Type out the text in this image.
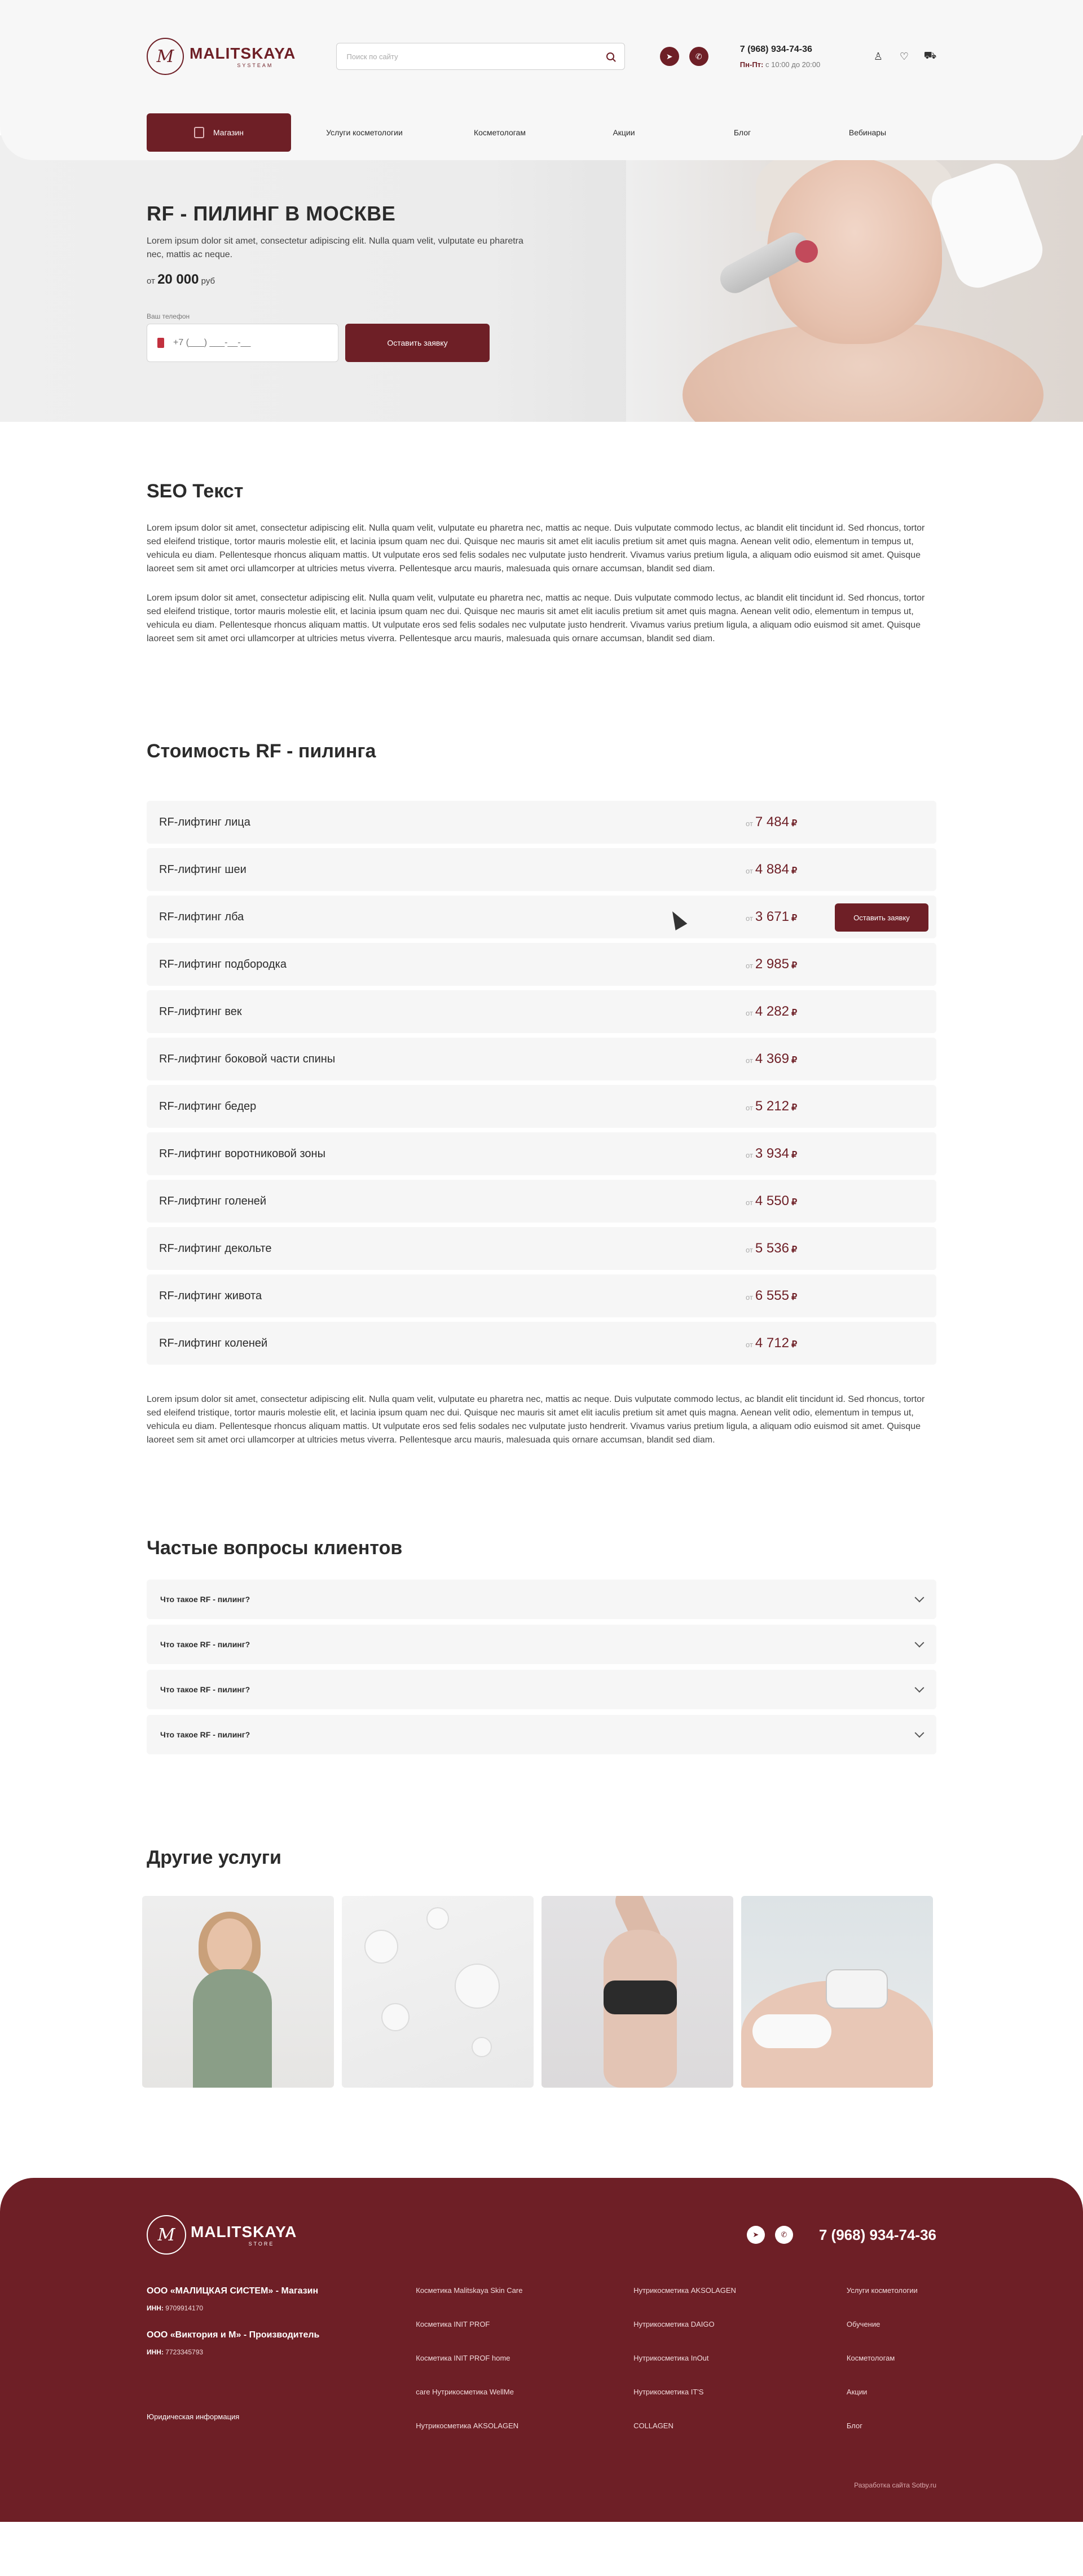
M MALITSKAYA
SYSTEAM
Поиск по сайту
➤	✆
7 (968) 934-74-36
Пн-Пт: с 10:00 до 20:00
♙ ♡ ⛟
Магазин	Услуги косметологии	Косметологам	Акции	Блог	Вебинары
RF - ПИЛИНГ В МОСКВЕ

Lorem ipsum dolor sit amet, consectetur adipiscing elit. Nulla quam velit, vulputate eu pharetra nec, mattis ac neque.

от 20 000 руб
Ваш телефон
+7 (___) ___-__-__
Оставить заявку
SEO Текст

Lorem ipsum dolor sit amet, consectetur adipiscing elit. Nulla quam velit, vulputate eu pharetra nec, mattis ac neque. Duis vulputate commodo lectus, ac blandit elit tincidunt id. Sed rhoncus, tortor sed eleifend tristique, tortor mauris molestie elit, et lacinia ipsum quam nec dui. Quisque nec mauris sit amet elit iaculis pretium sit amet quis magna. Aenean velit odio, elementum in tempus ut, vehicula eu diam. Pellentesque rhoncus aliquam mattis. Ut vulputate eros sed felis sodales nec vulputate justo hendrerit. Vivamus varius pretium ligula, a aliquam odio euismod sit amet. Quisque laoreet sem sit amet orci ullamcorper at ultricies metus viverra. Pellentesque arcu mauris, malesuada quis ornare accumsan, blandit sed diam.

Lorem ipsum dolor sit amet, consectetur adipiscing elit. Nulla quam velit, vulputate eu pharetra nec, mattis ac neque. Duis vulputate commodo lectus, ac blandit elit tincidunt id. Sed rhoncus, tortor sed eleifend tristique, tortor mauris molestie elit, et lacinia ipsum quam nec dui. Quisque nec mauris sit amet elit iaculis pretium sit amet quis magna. Aenean velit odio, elementum in tempus ut, vehicula eu diam. Pellentesque rhoncus aliquam mattis. Ut vulputate eros sed felis sodales nec vulputate justo hendrerit. Vivamus varius pretium ligula, a aliquam odio euismod sit amet. Quisque laoreet sem sit amet orci ullamcorper at ultricies metus viverra. Pellentesque arcu mauris, malesuada quis ornare accumsan, blandit sed diam.

Стоимость RF - пилинга
RF-лифтинг лица	от 7 484 ₽
RF-лифтинг шеи	от 4 884 ₽
RF-лифтинг лба	от 3 671 ₽	Оставить заявку
RF-лифтинг подбородка	от 2 985 ₽
RF-лифтинг век	от 4 282 ₽
RF-лифтинг боковой части спины	от 4 369 ₽
RF-лифтинг бедер	от 5 212 ₽
RF-лифтинг воротниковой зоны	от 3 934 ₽
RF-лифтинг голеней	от 4 550 ₽
RF-лифтинг декольте	от 5 536 ₽
RF-лифтинг живота	от 6 555 ₽
RF-лифтинг коленей	от 4 712 ₽

Lorem ipsum dolor sit amet, consectetur adipiscing elit. Nulla quam velit, vulputate eu pharetra nec, mattis ac neque. Duis vulputate commodo lectus, ac blandit elit tincidunt id. Sed rhoncus, tortor sed eleifend tristique, tortor mauris molestie elit, et lacinia ipsum quam nec dui. Quisque nec mauris sit amet elit iaculis pretium sit amet quis magna. Aenean velit odio, elementum in tempus ut, vehicula eu diam. Pellentesque rhoncus aliquam mattis. Ut vulputate eros sed felis sodales nec vulputate justo hendrerit. Vivamus varius pretium ligula, a aliquam odio euismod sit amet. Quisque laoreet sem sit amet orci ullamcorper at ultricies metus viverra. Pellentesque arcu mauris, malesuada quis ornare accumsan, blandit sed diam.

Частые вопросы клиентов
Что такое RF - пилинг?
Что такое RF - пилинг?
Что такое RF - пилинг?
Что такое RF - пилинг?
Другие услуги
M MALITSKAYA
STORE
➤	✆	7 (968) 934-74-36
ООО «МАЛИЦКАЯ СИСТЕМ» - Магазин
ИНН: 9709914170
ООО «Виктория и М» - Производитель
ИНН: 7723345793
Юридическая информация
Косметика Malitskaya Skin Care
Косметика INIT PROF
Косметика INIT PROF home
care Нутрикосметика WellMe
Нутрикосметика AKSOLAGEN
Нутрикосметика AKSOLAGEN
Нутрикосметика DAIGO
Нутрикосметика InOut
Нутрикосметика IT'S
COLLAGEN
Услуги косметологии
Обучение
Косметологам
Акции
Блог
Разработка сайта Sotby.ru
